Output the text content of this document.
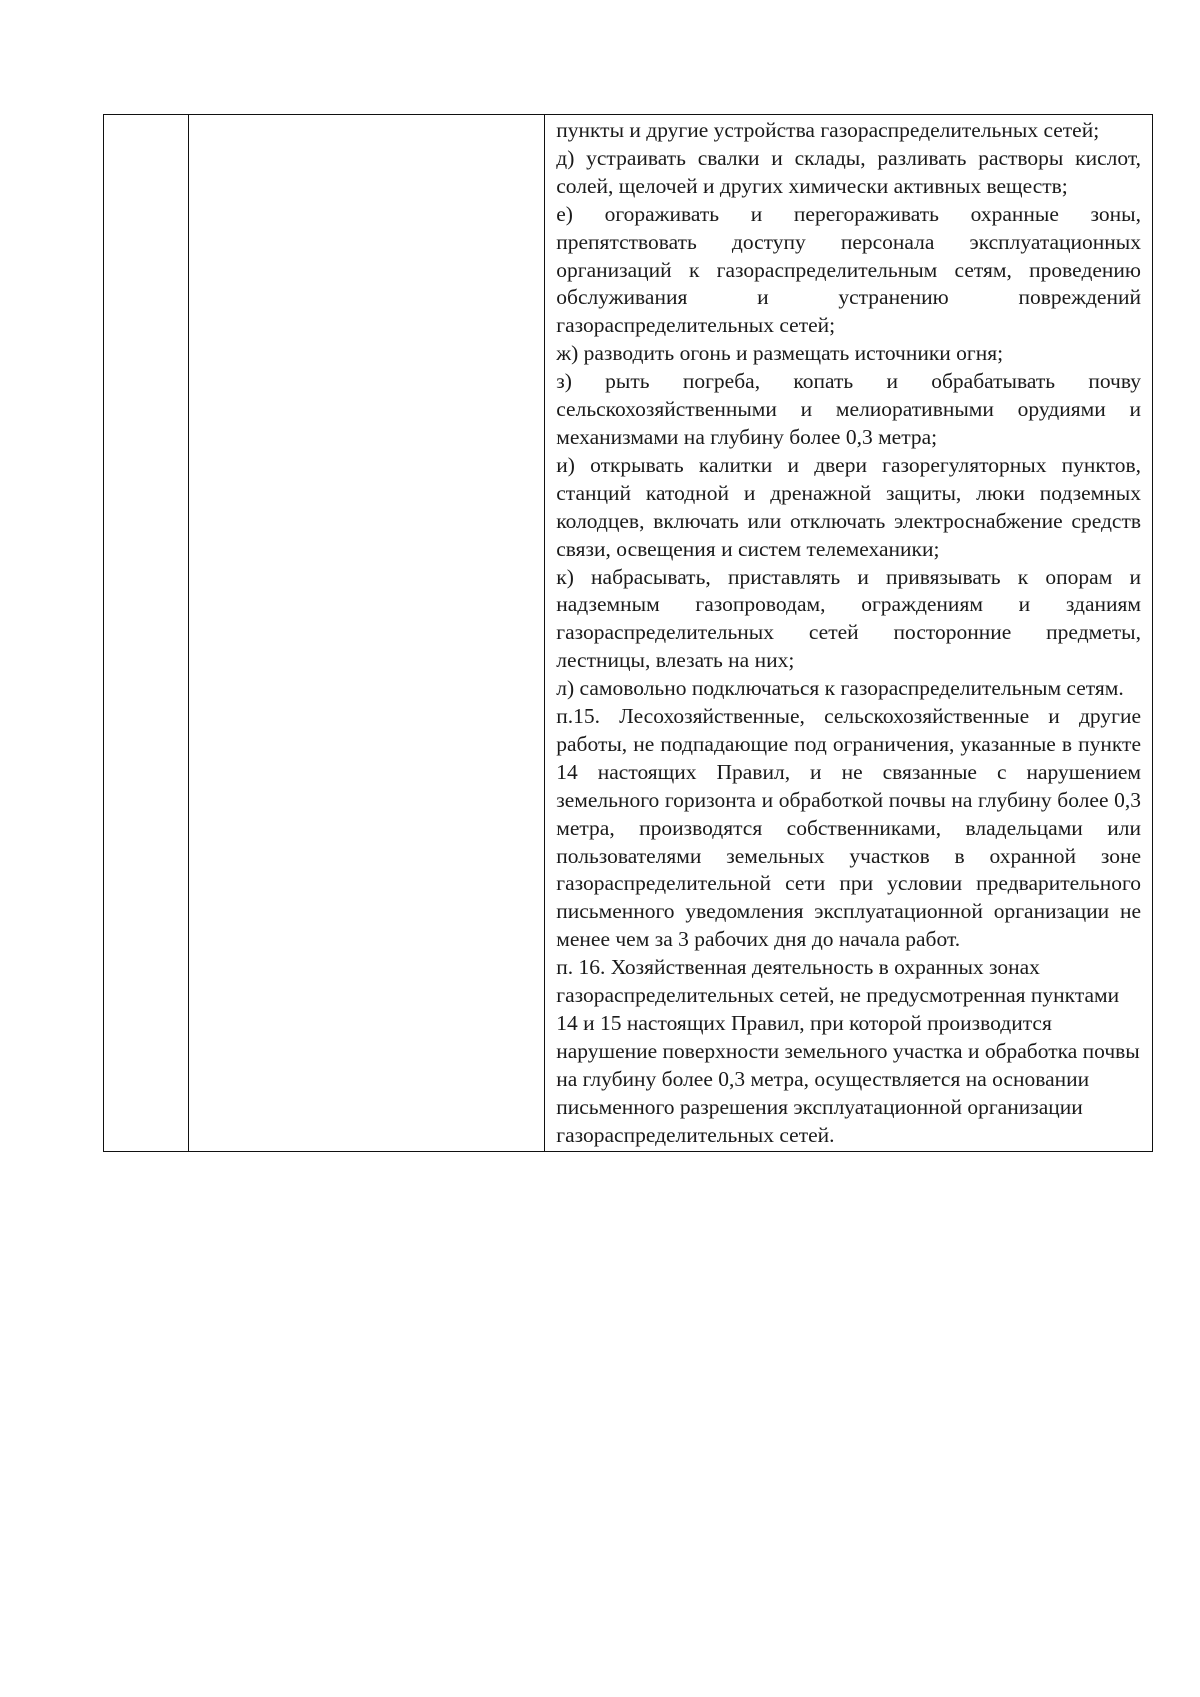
пункты и другие устройства газораспределительных сетей;

д) устраивать свалки и склады, разливать растворы кислот, солей, щелочей и других химически активных веществ;

е) огораживать и перегораживать охранные зоны, препятствовать доступу персонала эксплуатационных организаций к газораспределительным сетям, проведению обслуживания и устранению повреждений газораспределительных сетей;

ж) разводить огонь и размещать источники огня;

з) рыть погреба, копать и обрабатывать почву сельскохозяйственными и мелиоративными орудиями и механизмами на глубину более 0,3 метра;

и) открывать калитки и двери газорегуляторных пунктов, станций катодной и дренажной защиты, люки подземных колодцев, включать или отключать электроснабжение средств связи, освещения и систем телемеханики;

к) набрасывать, приставлять и привязывать к опорам и надземным газопроводам, ограждениям и зданиям газораспределительных сетей посторонние предметы, лестницы, влезать на них;

л) самовольно подключаться к газораспределительным сетям.

п.15. Лесохозяйственные, сельскохозяйственные и другие работы, не подпадающие под ограничения, указанные в пункте 14 настоящих Правил, и не связанные с нарушением земельного горизонта и обработкой почвы на глубину более 0,3 метра, производятся собственниками, владельцами или пользователями земельных участков в охранной зоне газораспределительной сети при условии предварительного письменного уведомления эксплуатационной организации не менее чем за 3 рабочих дня до начала работ.

п. 16. Хозяйственная деятельность в охранных зонах газораспределительных сетей, не предусмотренная пунктами 14 и 15 настоящих Правил, при которой производится нарушение поверхности земельного участка и обработка почвы на глубину более 0,3 метра, осуществляется на основании письменного разрешения эксплуатационной организации газораспределительных сетей.
